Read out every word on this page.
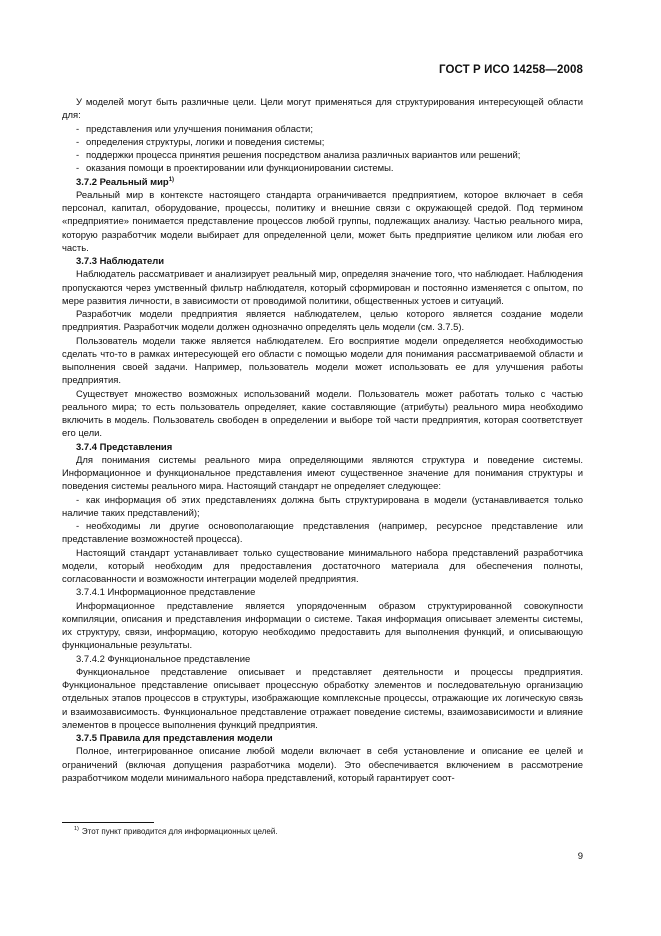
ГОСТ Р ИСО 14258—2008

У моделей могут быть различные цели. Цели могут применяться для структурирования интересующей области для:

- представления или улучшения понимания области;
- определения структуры, логики и поведения системы;
- поддержки процесса принятия решения посредством анализа различных вариантов или решений;
- оказания помощи в проектировании или функционировании системы.

3.7.2 Реальный мир$^{1)}$

Реальный мир в контексте настоящего стандарта ограничивается предприятием, которое включает в себя персонал, капитал, оборудование, процессы, политику и внешние связи с окружающей средой. Под термином «предприятие» понимается представление процессов любой группы, подлежащих анализу. Частью реального мира, которую разработчик модели выбирает для определенной цели, может быть предприятие целиком или любая его часть.

3.7.3 Наблюдатели

Наблюдатель рассматривает и анализирует реальный мир, определяя значение того, что наблюдает. Наблюдения пропускаются через умственный фильтр наблюдателя, который сформирован и постоянно изменяется с опытом, по мере развития личности, в зависимости от проводимой политики, общественных устоев и ситуаций.

Разработчик модели предприятия является наблюдателем, целью которого является создание модели предприятия. Разработчик модели должен однозначно определять цель модели (см. 3.7.5).

Пользователь модели также является наблюдателем. Его восприятие модели определяется необходимостью сделать что-то в рамках интересующей его области с помощью модели для понимания рассматриваемой области и выполнения своей задачи. Например, пользователь модели может использовать ее для улучшения работы предприятия.

Существует множество возможных использований модели. Пользователь может работать только с частью реального мира; то есть пользователь определяет, какие составляющие (атрибуты) реального мира необходимо включить в модель. Пользователь свободен в определении и выборе той части предприятия, которая соответствует его цели.

3.7.4 Представления

Для понимания системы реального мира определяющими являются структура и поведение системы. Информационное и функциональное представления имеют существенное значение для понимания структуры и поведения системы реального мира. Настоящий стандарт не определяет следующее:

- как информация об этих представлениях должна быть структурирована в модели (устанавливается только наличие таких представлений);
- необходимы ли другие основополагающие представления (например, ресурсное представление или представление возможностей процесса).

Настоящий стандарт устанавливает только существование минимального набора представлений разработчика модели, который необходим для предоставления достаточного материала для обеспечения полноты, согласованности и возможности интеграции моделей предприятия.

3.7.4.1 Информационное представление

Информационное представление является упорядоченным образом структурированной совокупности компиляции, описания и представления информации о системе. Такая информация описывает элементы системы, их структуру, связи, информацию, которую необходимо предоставить для выполнения функций, и описывающую функциональные результаты.

3.7.4.2 Функциональное представление

Функциональное представление описывает и представляет деятельности и процессы предприятия. Функциональное представление описывает процессную обработку элементов и последовательную организацию отдельных этапов процессов в структуры, изображающие комплексные процессы, отражающие их логическую связь и взаимозависимость. Функциональное представление отражает поведение системы, взаимозависимости и влияние элементов в процессе выполнения функций предприятия.

3.7.5 Правила для представления модели

Полное, интегрированное описание любой модели включает в себя установление и описание ее целей и ограничений (включая допущения разработчика модели). Это обеспечивается включением в рассмотрение разработчиком модели минимального набора представлений, который гарантирует соот-

$^{1)}$ Этот пункт приводится для информационных целей.
9
